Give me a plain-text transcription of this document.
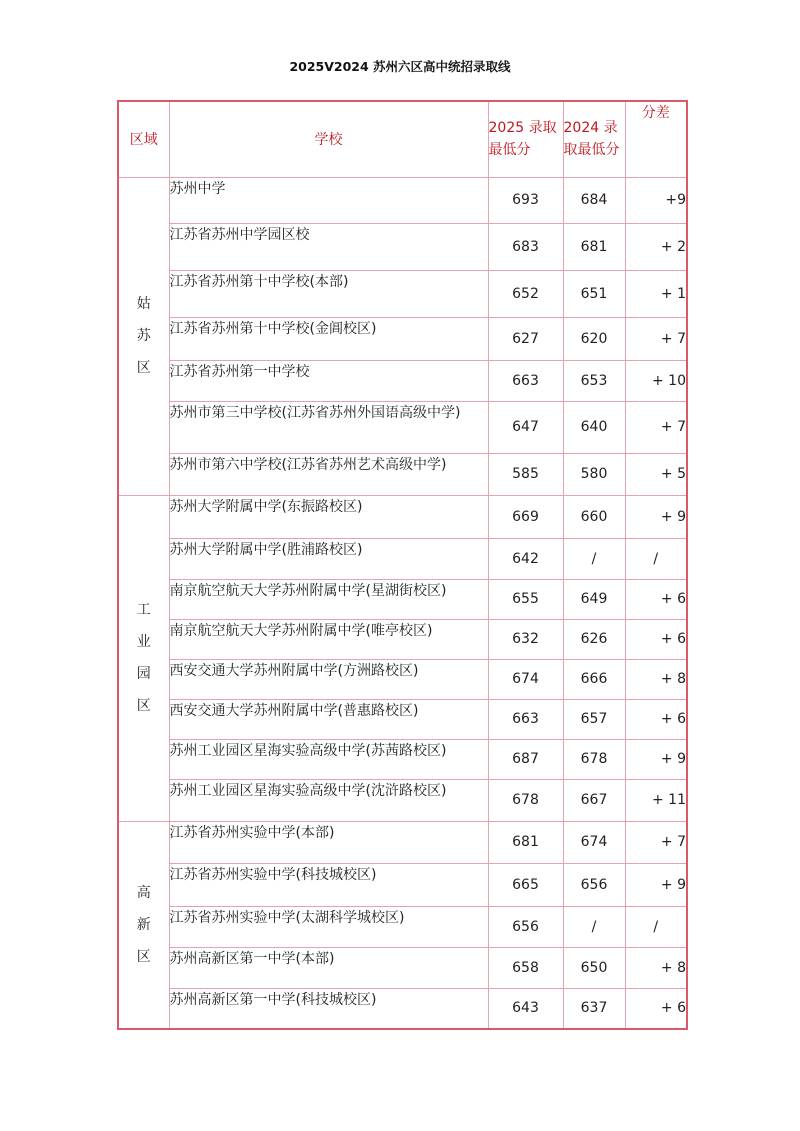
2025V2024 苏州六区高中统招录取线
区域	学校	2025 录取最低分	2024 录取最低分	分差
姑苏区	苏州中学	693	684	+9
	江苏省苏州中学园区校	683	681	+ 2
	江苏省苏州第十中学校(本部)	652	651	+ 1
	江苏省苏州第十中学校(金阊校区)	627	620	+ 7
	江苏省苏州第一中学校	663	653	+ 10
	苏州市第三中学校(江苏省苏州外国语高级中学)	647	640	+ 7
	苏州市第六中学校(江苏省苏州艺术高级中学)	585	580	+ 5
工业园区	苏州大学附属中学(东振路校区)	669	660	+ 9
	苏州大学附属中学(胜浦路校区)	642	/	/
	南京航空航天大学苏州附属中学(星湖街校区)	655	649	+ 6
	南京航空航天大学苏州附属中学(唯亭校区)	632	626	+ 6
	西安交通大学苏州附属中学(方洲路校区)	674	666	+ 8
	西安交通大学苏州附属中学(普惠路校区)	663	657	+ 6
	苏州工业园区星海实验高级中学(苏茜路校区)	687	678	+ 9
	苏州工业园区星海实验高级中学(沈浒路校区)	678	667	+ 11
高新区	江苏省苏州实验中学(本部)	681	674	+ 7
	江苏省苏州实验中学(科技城校区)	665	656	+ 9
	江苏省苏州实验中学(太湖科学城校区)	656	/	/
	苏州高新区第一中学(本部)	658	650	+ 8
	苏州高新区第一中学(科技城校区)	643	637	+ 6
